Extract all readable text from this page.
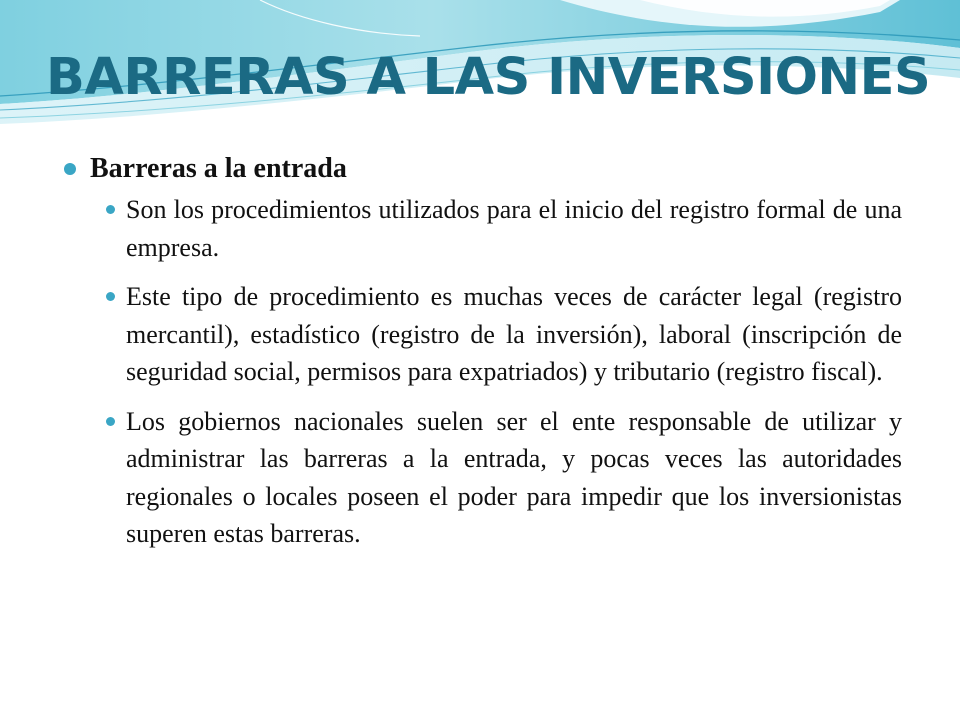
BARRERAS A LAS INVERSIONES
Barreras a la entrada
Son los procedimientos utilizados para el inicio del registro formal de una empresa.
Este tipo de procedimiento es muchas veces de carácter legal (registro mercantil), estadístico (registro de la inversión), laboral (inscripción de seguridad social, permisos para expatriados) y tributario (registro fiscal).
Los gobiernos nacionales suelen ser el ente responsable de utilizar y administrar las barreras a la entrada, y pocas veces las autoridades regionales o locales poseen el poder para impedir que los inversionistas superen estas barreras.
